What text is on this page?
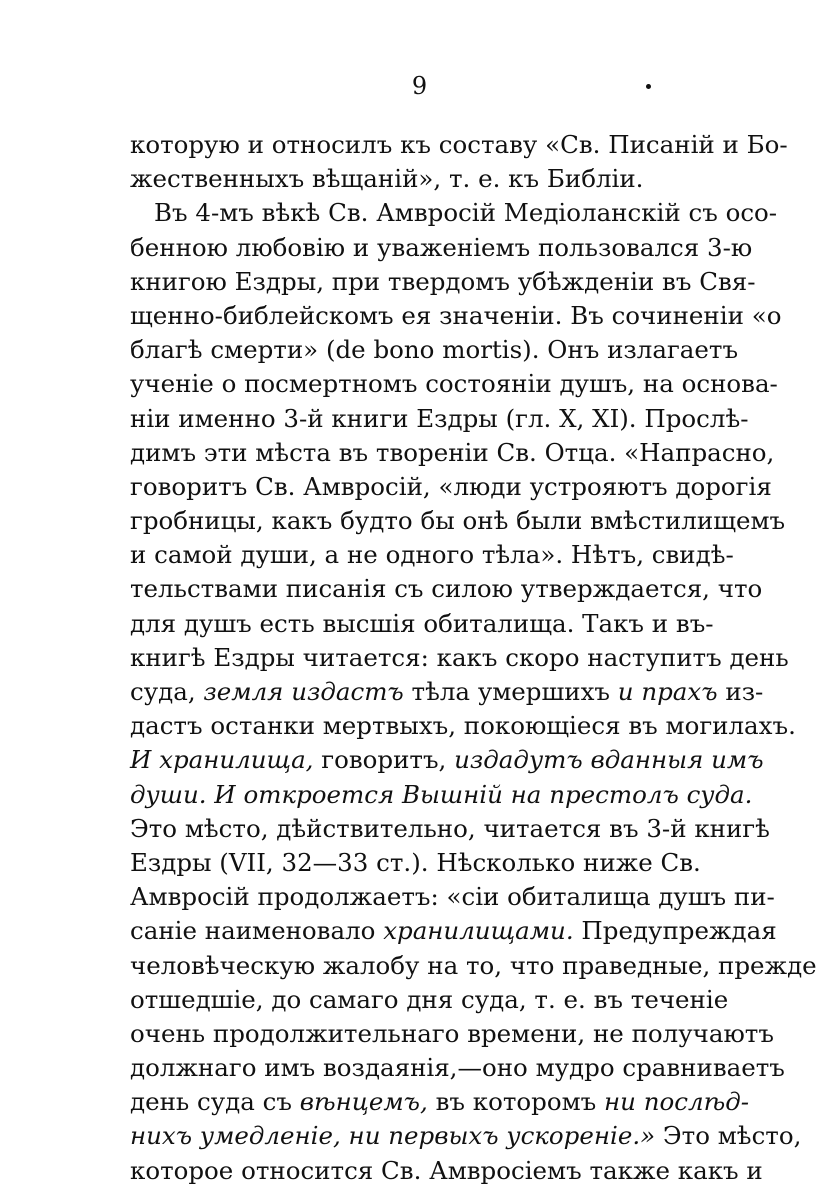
9
которую и относилъ къ составу «Св. Писаній и Бо-
жественныхъ вѣщаній», т. е. къ Библіи.
Въ 4-мъ вѣкѣ Св. Амвросій Медіоланскій съ осо-
бенною любовію и уваженіемъ пользовался 3-ю
книгою Ездры, при твердомъ убѣжденіи въ Свя-
щенно-библейскомъ ея значеніи. Въ сочиненіи «о
благѣ смерти» (de bono mortis). Онъ излагаетъ
ученіе о посмертномъ состояніи душъ, на основа-
ніи именно 3-й книги Ездры (гл. X, XI). Прослѣ-
димъ эти мѣста въ твореніи Св. Отца. «Напрасно,
говоритъ Св. Амвросій, «люди устрояютъ дорогія
гробницы, какъ будто бы онѣ были вмѣстилищемъ
и самой души, а не одного тѣла». Нѣтъ, свидѣ-
тельствами писанія съ силою утверждается, что
для душъ есть высшія обиталища. Такъ и въ-
книгѣ Ездры читается: какъ скоро наступитъ день
суда, земля издастъ тѣла умершихъ и прахъ из-
дастъ останки мертвыхъ, покоющіеся въ могилахъ.
И хранилища, говоритъ, издадутъ вданныя имъ
души. И откроется Вышній на престолъ суда.
Это мѣсто, дѣйствительно, читается въ 3-й книгѣ
Ездры (VII, 32—33 ст.). Нѣсколько ниже Св.
Амвросій продолжаетъ: «сіи обиталища душъ пи-
саніе наименовало хранилищами. Предупреждая
человѣческую жалобу на то, что праведные, прежде
отшедшіе, до самаго дня суда, т. е. въ теченіе
очень продолжительнаго времени, не получаютъ
должнаго имъ воздаянія,—оно мудро сравниваетъ
день суда съ вѣнцемъ, въ которомъ ни послѣд-
нихъ умедленіе, ни первыхъ ускореніе.» Это мѣсто,
которое относится Св. Амвросіемъ также какъ и
